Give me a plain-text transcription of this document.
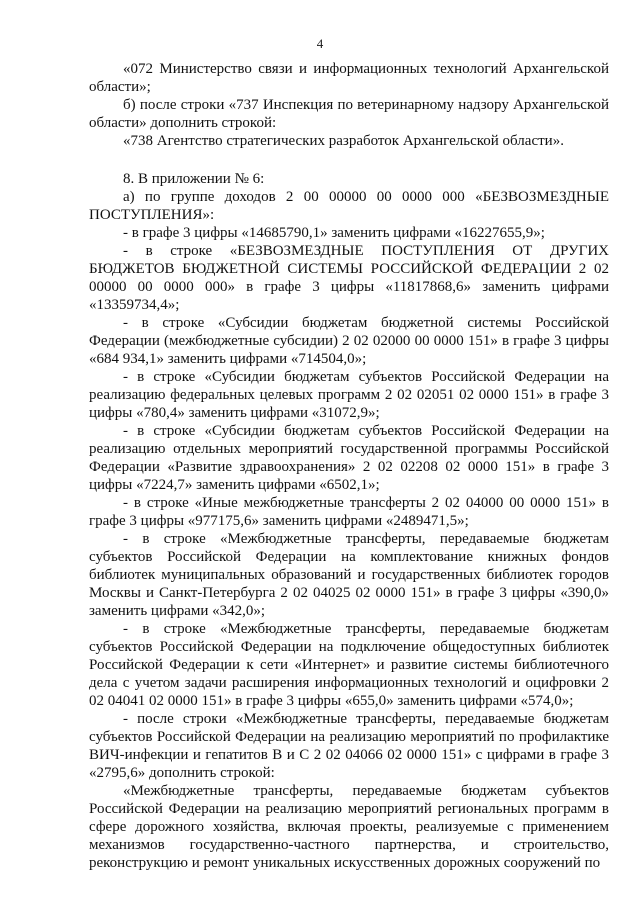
4

«072 Министерство связи и информационных технологий Архангельской области»;

б) после строки «737 Инспекция по ветеринарному надзору Архангельской области» дополнить строкой:

«738 Агентство стратегических разработок Архангельской области».

8. В приложении № 6:

а) по группе доходов 2 00 00000 00 0000 000 «БЕЗВОЗМЕЗДНЫЕ ПОСТУПЛЕНИЯ»:

- в графе 3 цифры «14685790,1» заменить цифрами «16227655,9»;

- в строке «БЕЗВОЗМЕЗДНЫЕ ПОСТУПЛЕНИЯ ОТ ДРУГИХ БЮДЖЕТОВ БЮДЖЕТНОЙ СИСТЕМЫ РОССИЙСКОЙ ФЕДЕРАЦИИ 2 02 00000 00 0000 000» в графе 3 цифры «11817868,6» заменить цифрами «13359734,4»;

- в строке «Субсидии бюджетам бюджетной системы Российской Федерации (межбюджетные субсидии) 2 02 02000 00 0000 151» в графе 3 цифры «684 934,1» заменить цифрами «714504,0»;

- в строке «Субсидии бюджетам субъектов Российской Федерации на реализацию федеральных целевых программ 2 02 02051 02 0000 151» в графе 3 цифры «780,4» заменить цифрами «31072,9»;

- в строке «Субсидии бюджетам субъектов Российской Федерации на реализацию отдельных мероприятий государственной программы Российской Федерации «Развитие здравоохранения» 2 02 02208 02 0000 151» в графе 3 цифры «7224,7» заменить цифрами «6502,1»;

- в строке «Иные межбюджетные трансферты 2 02 04000 00 0000 151» в графе 3 цифры «977175,6» заменить цифрами «2489471,5»;

- в строке «Межбюджетные трансферты, передаваемые бюджетам субъектов Российской Федерации на комплектование книжных фондов библиотек муниципальных образований и государственных библиотек городов Москвы и Санкт-Петербурга 2 02 04025 02 0000 151» в графе 3 цифры «390,0» заменить цифрами «342,0»;

- в строке «Межбюджетные трансферты, передаваемые бюджетам субъектов Российской Федерации на подключение общедоступных библиотек Российской Федерации к сети «Интернет» и развитие системы библиотечного дела с учетом задачи расширения информационных технологий и оцифровки 2 02 04041 02 0000 151» в графе 3 цифры «655,0» заменить цифрами «574,0»;

- после строки «Межбюджетные трансферты, передаваемые бюджетам субъектов Российской Федерации на реализацию мероприятий по профилактике ВИЧ-инфекции и гепатитов B и C 2 02 04066 02 0000 151» с цифрами в графе 3 «2795,6» дополнить строкой:

«Межбюджетные трансферты, передаваемые бюджетам субъектов Российской Федерации на реализацию мероприятий региональных программ в сфере дорожного хозяйства, включая проекты, реализуемые с применением механизмов государственно-частного партнерства, и строительство, реконструкцию и ремонт уникальных искусственных дорожных сооружений по
